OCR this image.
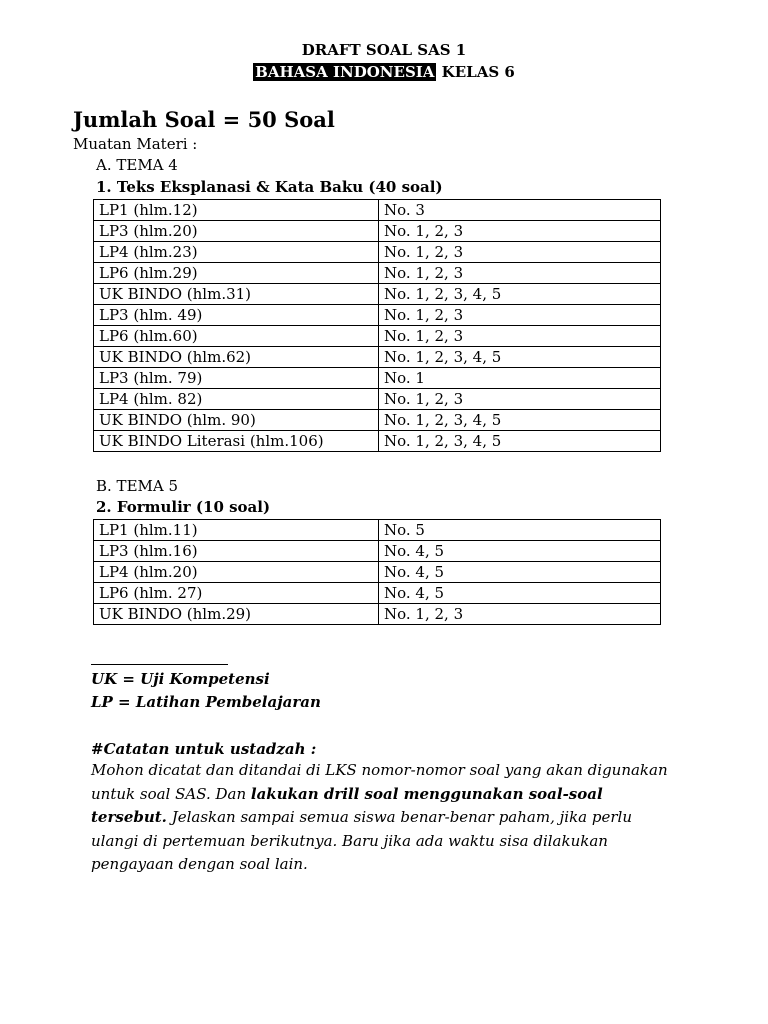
DRAFT SOAL SAS 1
BAHASA INDONESIA KELAS 6
Jumlah Soal = 50 Soal
Muatan Materi :
A. TEMA 4
1. Teks Eksplanasi & Kata Baku (40 soal)
LP1 (hlm.12)	No. 3
LP3 (hlm.20)	No. 1, 2, 3
LP4 (hlm.23)	No. 1, 2, 3
LP6 (hlm.29)	No. 1, 2, 3
UK BINDO (hlm.31)	No. 1, 2, 3, 4, 5
LP3 (hlm. 49)	No. 1, 2, 3
LP6 (hlm.60)	No. 1, 2, 3
UK BINDO (hlm.62)	No. 1, 2, 3, 4, 5
LP3 (hlm. 79)	No. 1
LP4 (hlm. 82)	No. 1, 2, 3
UK BINDO (hlm. 90)	No. 1, 2, 3, 4, 5
UK BINDO Literasi (hlm.106)	No. 1, 2, 3, 4, 5
B. TEMA 5
2. Formulir (10 soal)
LP1 (hlm.11)	No. 5
LP3 (hlm.16)	No. 4, 5
LP4 (hlm.20)	No. 4, 5
LP6 (hlm. 27)	No. 4, 5
UK BINDO (hlm.29)	No. 1, 2, 3
UK = Uji Kompetensi
LP = Latihan Pembelajaran
#Catatan untuk ustadzah :
Mohon dicatat dan ditandai di LKS nomor-nomor soal yang akan digunakan untuk soal SAS. Dan lakukan drill soal menggunakan soal-soal tersebut. Jelaskan sampai semua siswa benar-benar paham, jika perlu ulangi di pertemuan berikutnya. Baru jika ada waktu sisa dilakukan pengayaan dengan soal lain.
